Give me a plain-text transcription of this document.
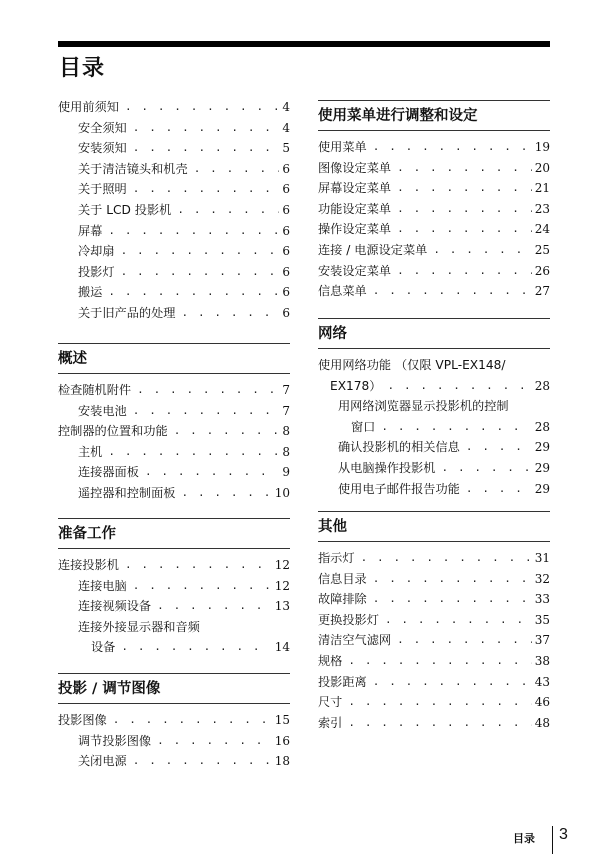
目录
使用前须知 . . .	4
安全须知 . . .	4
安装须知 . . .	5
关于清洁镜头和机壳 . . .	6
关于照明 . . .	6
关于 LCD 投影机 . . .	6
屏幕 . . .	6
冷却扇 . . .	6
投影灯 . . .	6
搬运 . . .	6
关于旧产品的处理 . . .	6
概述
检查随机附件 . . .	7
安装电池 . . .	7
控制器的位置和功能 . . .	8
主机 . . .	8
连接器面板 . . .	9
遥控器和控制面板 . . .	10
准备工作
连接投影机 . . .	12
连接电脑 . . .	12
连接视频设备 . . .	13
连接外接显示器和音频
设备 . . .	14
投影 / 调节图像
投影图像 . . .	15
调节投影图像 . . .	16
关闭电源 . . .	18
使用菜单进行调整和设定
使用菜单 . . .	19
图像设定菜单 . . .	20
屏幕设定菜单 . . .	21
功能设定菜单 . . .	23
操作设定菜单 . . .	24
连接 / 电源设定菜单 . . .	25
安装设定菜单 . . .	26
信息菜单 . . .	27
网络
使用网络功能 （仅限 VPL-EX148/
EX178） . . .	28
用网络浏览器显示投影机的控制
窗口 . . .	28
确认投影机的相关信息 . . .	29
从电脑操作投影机 . . .	29
使用电子邮件报告功能 . . .	29
其他
指示灯 . . .	31
信息目录 . . .	32
故障排除 . . .	33
更换投影灯 . . .	35
清洁空气滤网 . . .	37
规格 . . .	38
投影距离 . . .	43
尺寸 . . .	46
索引 . . .	48
目录 3
